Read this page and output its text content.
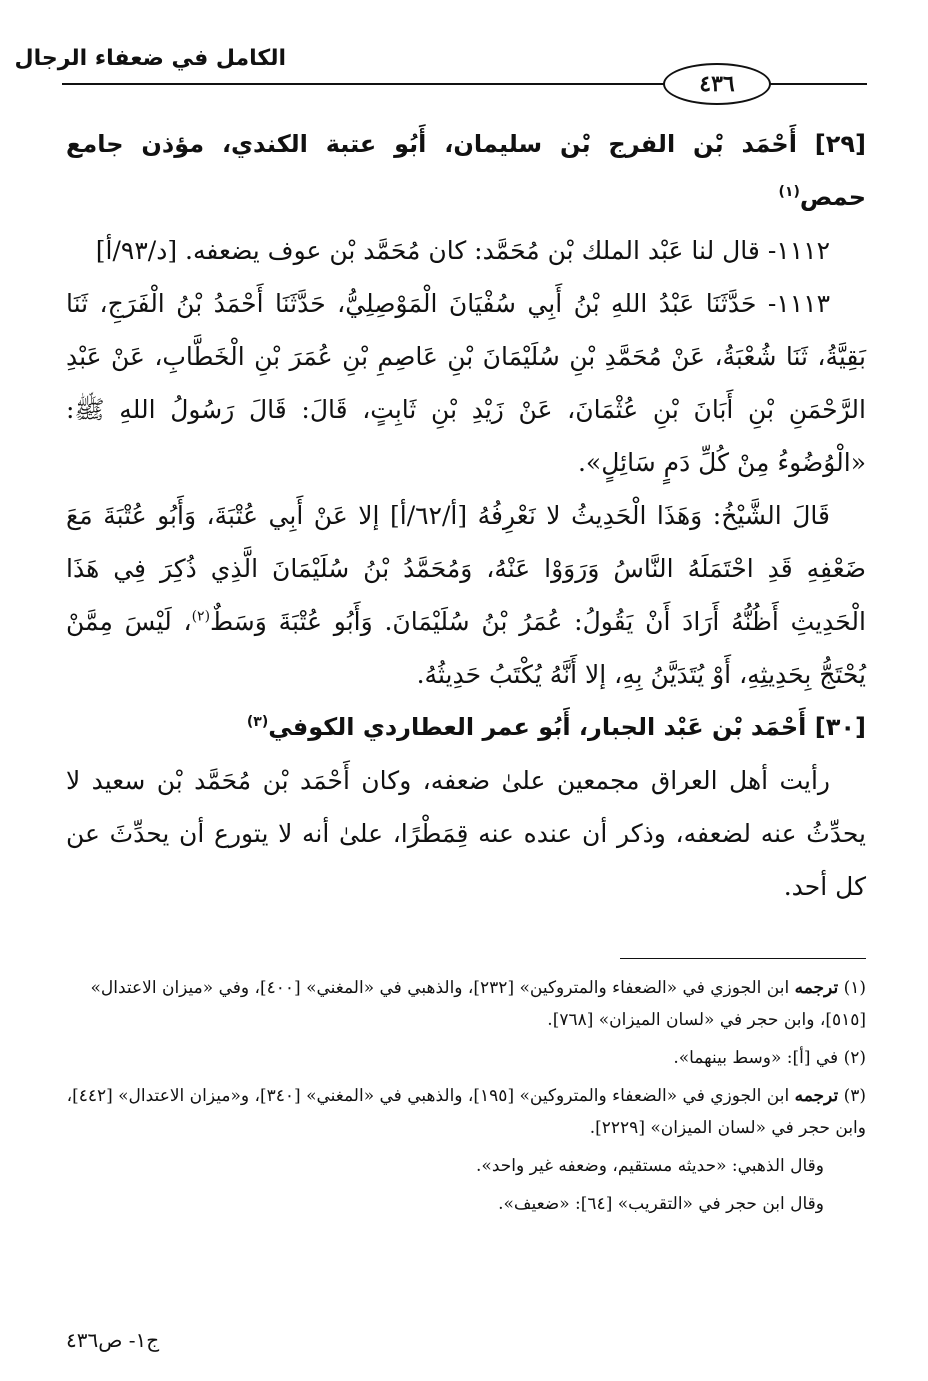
الكامل في ضعفاء الرجال
٤٣٦

[٢٩] أَحْمَد بْن الفرج بْن سليمان، أَبُو عتبة الكندي، مؤذن جامع حمص$^{(١)}$

١١١٢- قال لنا عَبْد الملك بْن مُحَمَّد: كان مُحَمَّد بْن عوف يضعفه. [د/٩٣/أ]

١١١٣- حَدَّثَنَا عَبْدُ اللهِ بْنُ أَبِي سُفْيَانَ الْمَوْصِلِيُّ، حَدَّثَنَا أَحْمَدُ بْنُ الْفَرَجِ، ثَنَا بَقِيَّةُ، ثَنَا شُعْبَةُ، عَنْ مُحَمَّدِ بْنِ سُلَيْمَانَ بْنِ عَاصِمِ بْنِ عُمَرَ بْنِ الْخَطَّابِ، عَنْ عَبْدِ الرَّحْمَنِ بْنِ أَبَانَ بْنِ عُثْمَانَ، عَنْ زَيْدِ بْنِ ثَابِتٍ، قَالَ: قَالَ رَسُولُ اللهِ ﷺ: «الْوُضُوءُ مِنْ كُلِّ دَمٍ سَائِلٍ».

قَالَ الشَّيْخُ: وَهَذَا الْحَدِيثُ لا نَعْرِفُهُ [أ/٦٢/أ] إلا عَنْ أَبِي عُتْبَةَ، وَأَبُو عُتْبَةَ مَعَ ضَعْفِهِ قَدِ احْتَمَلَهُ النَّاسُ وَرَوَوْا عَنْهُ، وَمُحَمَّدُ بْنُ سُلَيْمَانَ الَّذِي ذُكِرَ فِي هَذَا الْحَدِيثِ أَظُنُّهُ أَرَادَ أَنْ يَقُولُ: عُمَرُ بْنُ سُلَيْمَانَ. وَأَبُو عُتْبَةَ وَسَطٌ$^{(٢)}$، لَيْسَ مِمَّنْ يُحْتَجُّ بِحَدِيثِهِ، أَوْ يُتَدَيَّنُ بِهِ، إلا أَنَّهُ يُكْتَبُ حَدِيثُهُ.

[٣٠] أَحْمَد بْن عَبْد الجبار، أَبُو عمر العطاردي الكوفي$^{(٣)}$

رأيت أهل العراق مجمعين علىٰ ضعفه، وكان أَحْمَد بْن مُحَمَّد بْن سعيد لا يحدِّثُ عنه لضعفه، وذكر أن عنده عنه قِمَطْرًا، علىٰ أنه لا يتورع أن يحدِّثَ عن كل أحد.

(١) ترجمه ابن الجوزي في «الضعفاء والمتروكين» [٢٣٢]، والذهبي في «المغني» [٤٠٠]، وفي «ميزان الاعتدال» [٥١٥]، وابن حجر في «لسان الميزان» [٧٦٨].

(٢) في [أ]: «وسط بينهما».

(٣) ترجمه ابن الجوزي في «الضعفاء والمتروكين» [١٩٥]، والذهبي في «المغني» [٣٤٠]، و«ميزان الاعتدال» [٤٤٢]، وابن حجر في «لسان الميزان» [٢٢٢٩].

وقال الذهبي: «حديثه مستقيم، وضعفه غير واحد».

وقال ابن حجر في «التقريب» [٦٤]: «ضعيف».

ج١- ص٤٣٦
